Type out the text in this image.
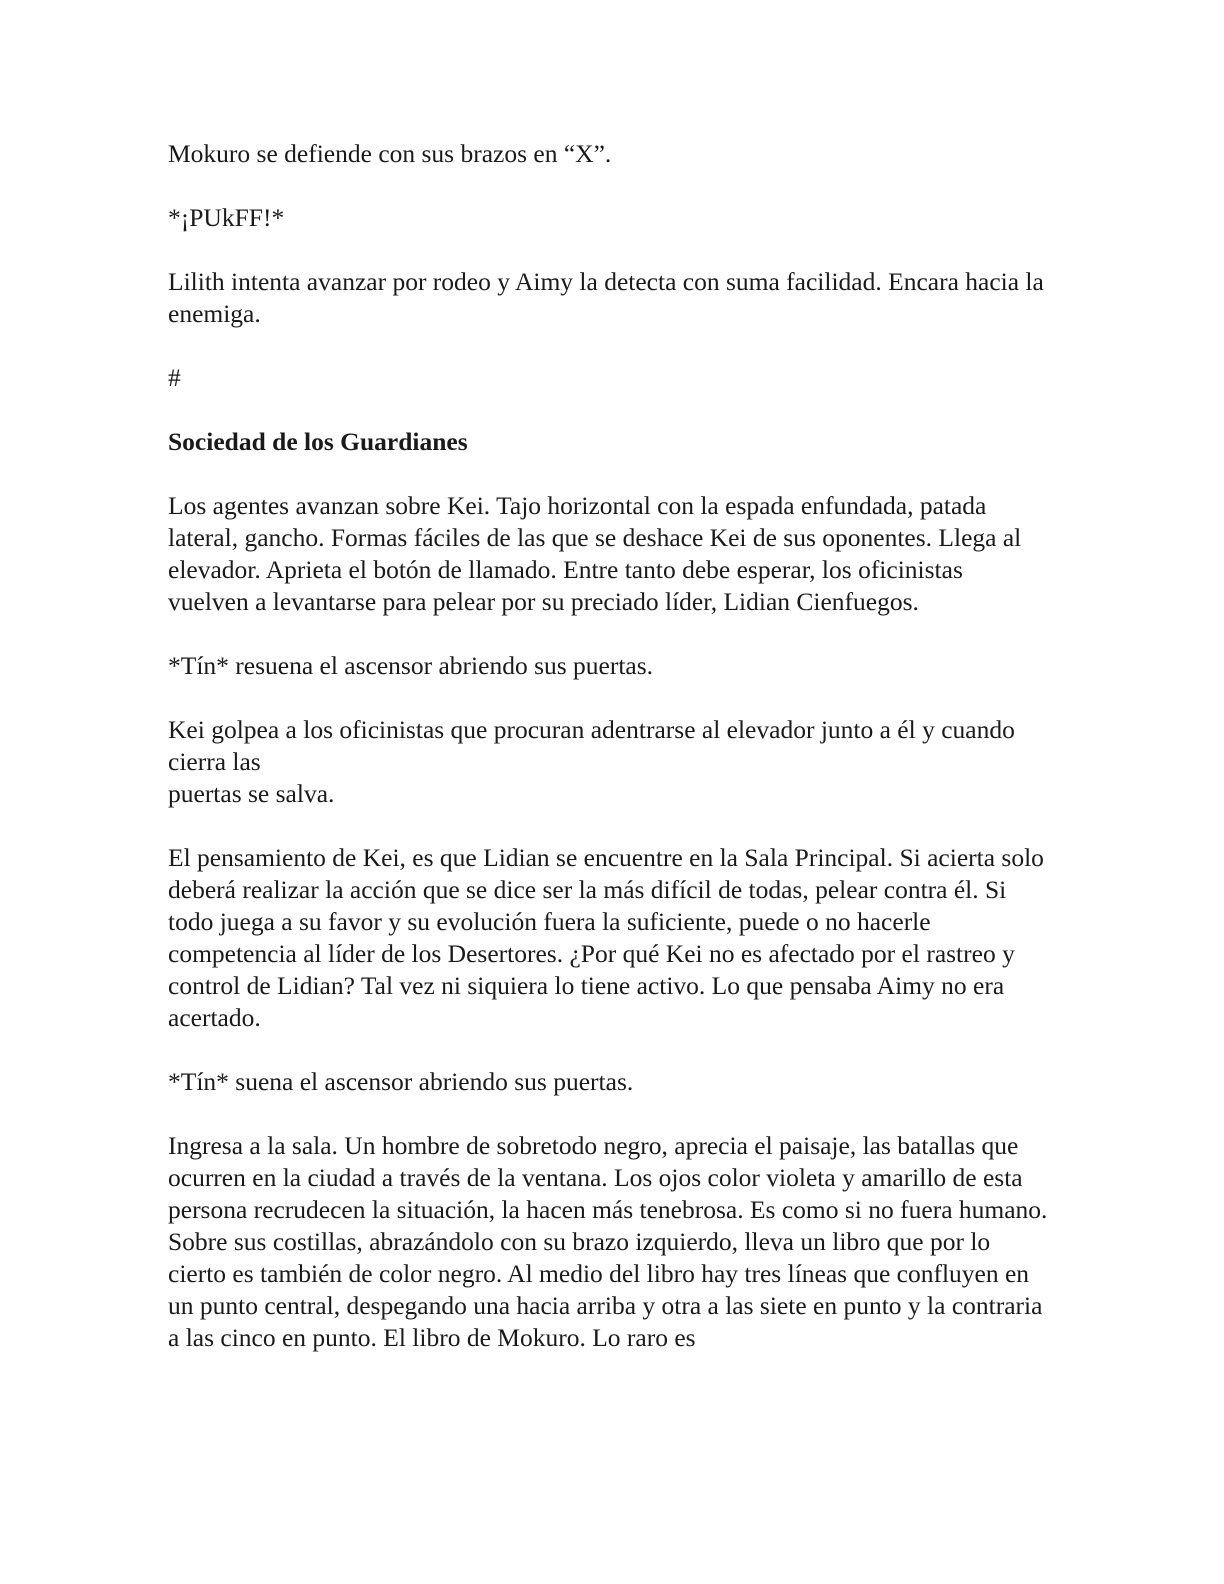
Mokuro se defiende con sus brazos en “X”.

*¡PUkFF!*

Lilith intenta avanzar por rodeo y Aimy la detecta con suma facilidad. Encara hacia la enemiga.

#

Sociedad de los Guardianes

Los agentes avanzan sobre Kei. Tajo horizontal con la espada enfundada, patada lateral, gancho. Formas fáciles de las que se deshace Kei de sus oponentes. Llega al elevador. Aprieta el botón de llamado. Entre tanto debe esperar, los oficinistas vuelven a levantarse para pelear por su preciado líder, Lidian Cienfuegos.

*Tín* resuena el ascensor abriendo sus puertas.

Kei golpea a los oficinistas que procuran adentrarse al elevador junto a él y cuando cierra las

puertas se salva.

El pensamiento de Kei, es que Lidian se encuentre en la Sala Principal. Si acierta solo deberá realizar la acción que se dice ser la más difícil de todas, pelear contra él. Si todo juega a su favor y su evolución fuera la suficiente, puede o no hacerle competencia al líder de los Desertores. ¿Por qué Kei no es afectado por el rastreo y control de Lidian? Tal vez ni siquiera lo tiene activo. Lo que pensaba Aimy no era acertado.

*Tín* suena el ascensor abriendo sus puertas.

Ingresa a la sala. Un hombre de sobretodo negro, aprecia el paisaje, las batallas que ocurren en la ciudad a través de la ventana. Los ojos color violeta y amarillo de esta persona recrudecen la situación, la hacen más tenebrosa. Es como si no fuera humano.

Sobre sus costillas, abrazándolo con su brazo izquierdo, lleva un libro que por lo cierto es también de color negro. Al medio del libro hay tres líneas que confluyen en un punto central, despegando una hacia arriba y otra a las siete en punto y la contraria a las cinco en punto. El libro de Mokuro. Lo raro es
